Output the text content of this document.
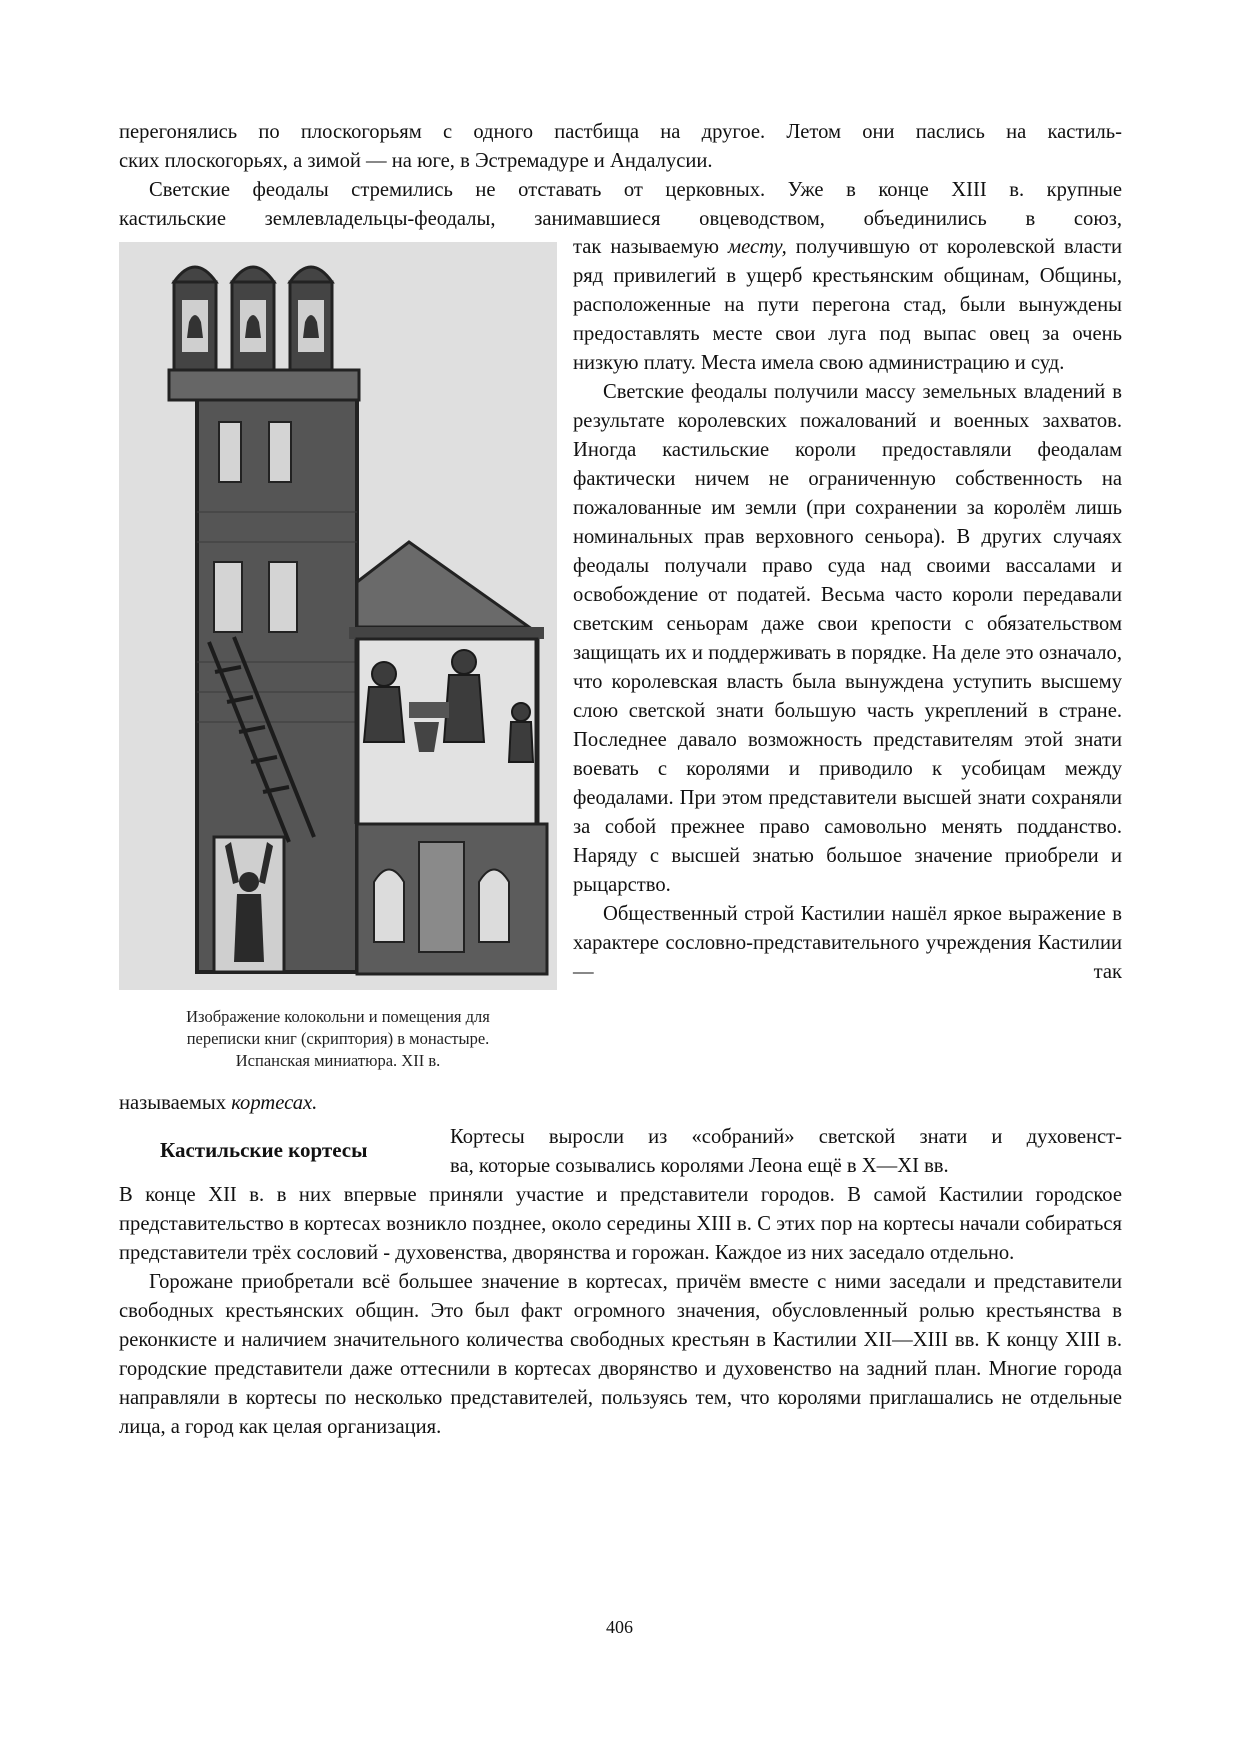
перегонялись по плоскогорьям с одного пастбища на другое. Летом они паслись на кастиль-
ских плоскогорьях, а зимой — на юге, в Эстремадуре и Андалусии.
Светские феодалы стремились не отставать от церковных. Уже в конце XIII в. крупные
кастильские землевладельцы-феодалы, занимавшиеся овцеводством, объединились в союз,
Изображение колокольни и помещения для
переписки книг (скриптория) в монастыре.
Испанская миниатюра. XII в.

так называемую месту, получившую от королевской власти ряд привилегий в ущерб крестьянским общинам, Общины, расположенные на пути перегона стад, были вынуждены предоставлять месте свои луга под выпас овец за очень низкую плату. Места имела свою администрацию и суд.

Светские феодалы получили массу земельных владений в результате королевских пожалований и военных захватов. Иногда кастильские короли предоставляли феодалам фактически ничем не ограниченную собственность на пожалованные им земли (при сохранении за королём лишь номинальных прав верховного сеньора). В других случаях феодалы получали право суда над своими вассалами и освобождение от податей. Весьма часто короли передавали светским сеньорам даже свои крепости с обязательством защищать их и поддерживать в порядке. На деле это означало, что королевская власть была вынуждена уступить высшему слою светской знати большую часть укреплений в стране. Последнее давало возможность представителям этой знати воевать с королями и приводило к усобицам между феодалами. При этом представители высшей знати сохраняли за собой прежнее право самовольно менять подданство. Наряду с высшей знатью большое значение приобрели и рыцарство.

Общественный строй Кастилии нашёл яркое выражение в характере сословно-представительного учреждения Кастилии — так

называемых кортесах.
Кастильские кортесы
Кортесы выросли из «собраний» светской знати и духовенст-
ва, которые созывались королями Леона ещё в X—XI вв.

В конце XII в. в них впервые приняли участие и представители городов. В самой Кастилии городское представительство в кортесах возникло позднее, около середины XIII в. С этих пор на кортесы начали собираться представители трёх сословий - духовенства, дворянства и горожан. Каждое из них заседало отдельно.

Горожане приобретали всё большее значение в кортесах, причём вместе с ними заседали и представители свободных крестьянских общин. Это был факт огромного значения, обусловленный ролью крестьянства в реконкисте и наличием значительного количества свободных крестьян в Кастилии XII—XIII вв. К концу XIII в. городские представители даже оттеснили в кортесах дворянство и духовенство на задний план. Многие города направляли в кортесы по несколько представителей, пользуясь тем, что королями приглашались не отдельные лица, а город как целая организация.

406
